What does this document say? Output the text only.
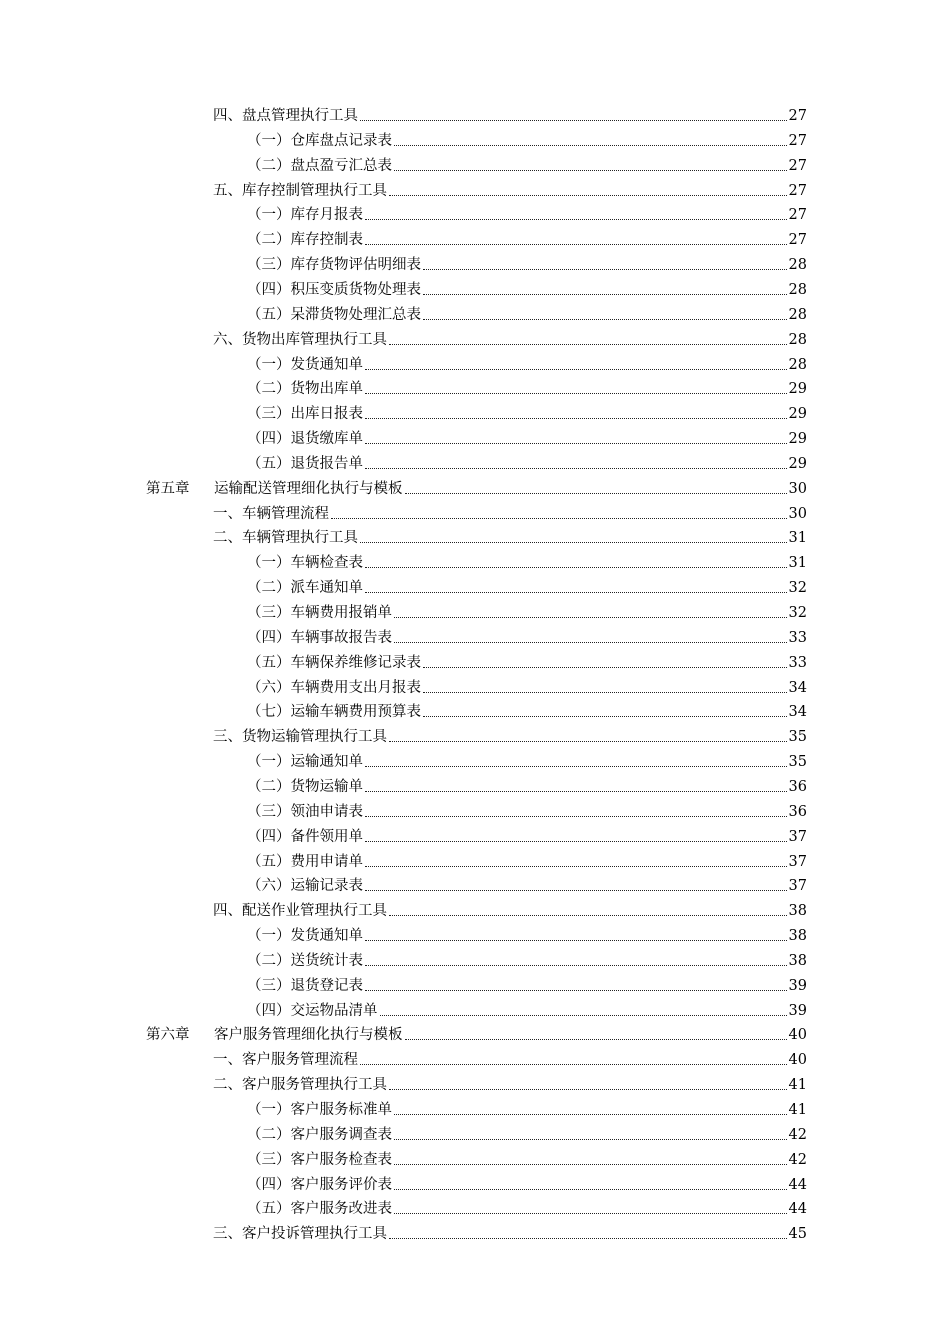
四、盘点管理执行工具	27
（一）仓库盘点记录表	27
（二）盘点盈亏汇总表	27
五、库存控制管理执行工具	27
（一）库存月报表	27
（二）库存控制表	27
（三）库存货物评估明细表	28
（四）积压变质货物处理表	28
（五）呆滞货物处理汇总表	28
六、货物出库管理执行工具	28
（一）发货通知单	28
（二）货物出库单	29
（三）出库日报表	29
（四）退货缴库单	29
（五）退货报告单	29
第五章	运输配送管理细化执行与模板	30
一、车辆管理流程	30
二、车辆管理执行工具	31
（一）车辆检查表	31
（二）派车通知单	32
（三）车辆费用报销单	32
（四）车辆事故报告表	33
（五）车辆保养维修记录表	33
（六）车辆费用支出月报表	34
（七）运输车辆费用预算表	34
三、货物运输管理执行工具	35
（一）运输通知单	35
（二）货物运输单	36
（三）领油申请表	36
（四）备件领用单	37
（五）费用申请单	37
（六）运输记录表	37
四、配送作业管理执行工具	38
（一）发货通知单	38
（二）送货统计表	38
（三）退货登记表	39
（四）交运物品清单	39
第六章	客户服务管理细化执行与模板	40
一、客户服务管理流程	40
二、客户服务管理执行工具	41
（一）客户服务标准单	41
（二）客户服务调查表	42
（三）客户服务检查表	42
（四）客户服务评价表	44
（五）客户服务改进表	44
三、客户投诉管理执行工具	45
